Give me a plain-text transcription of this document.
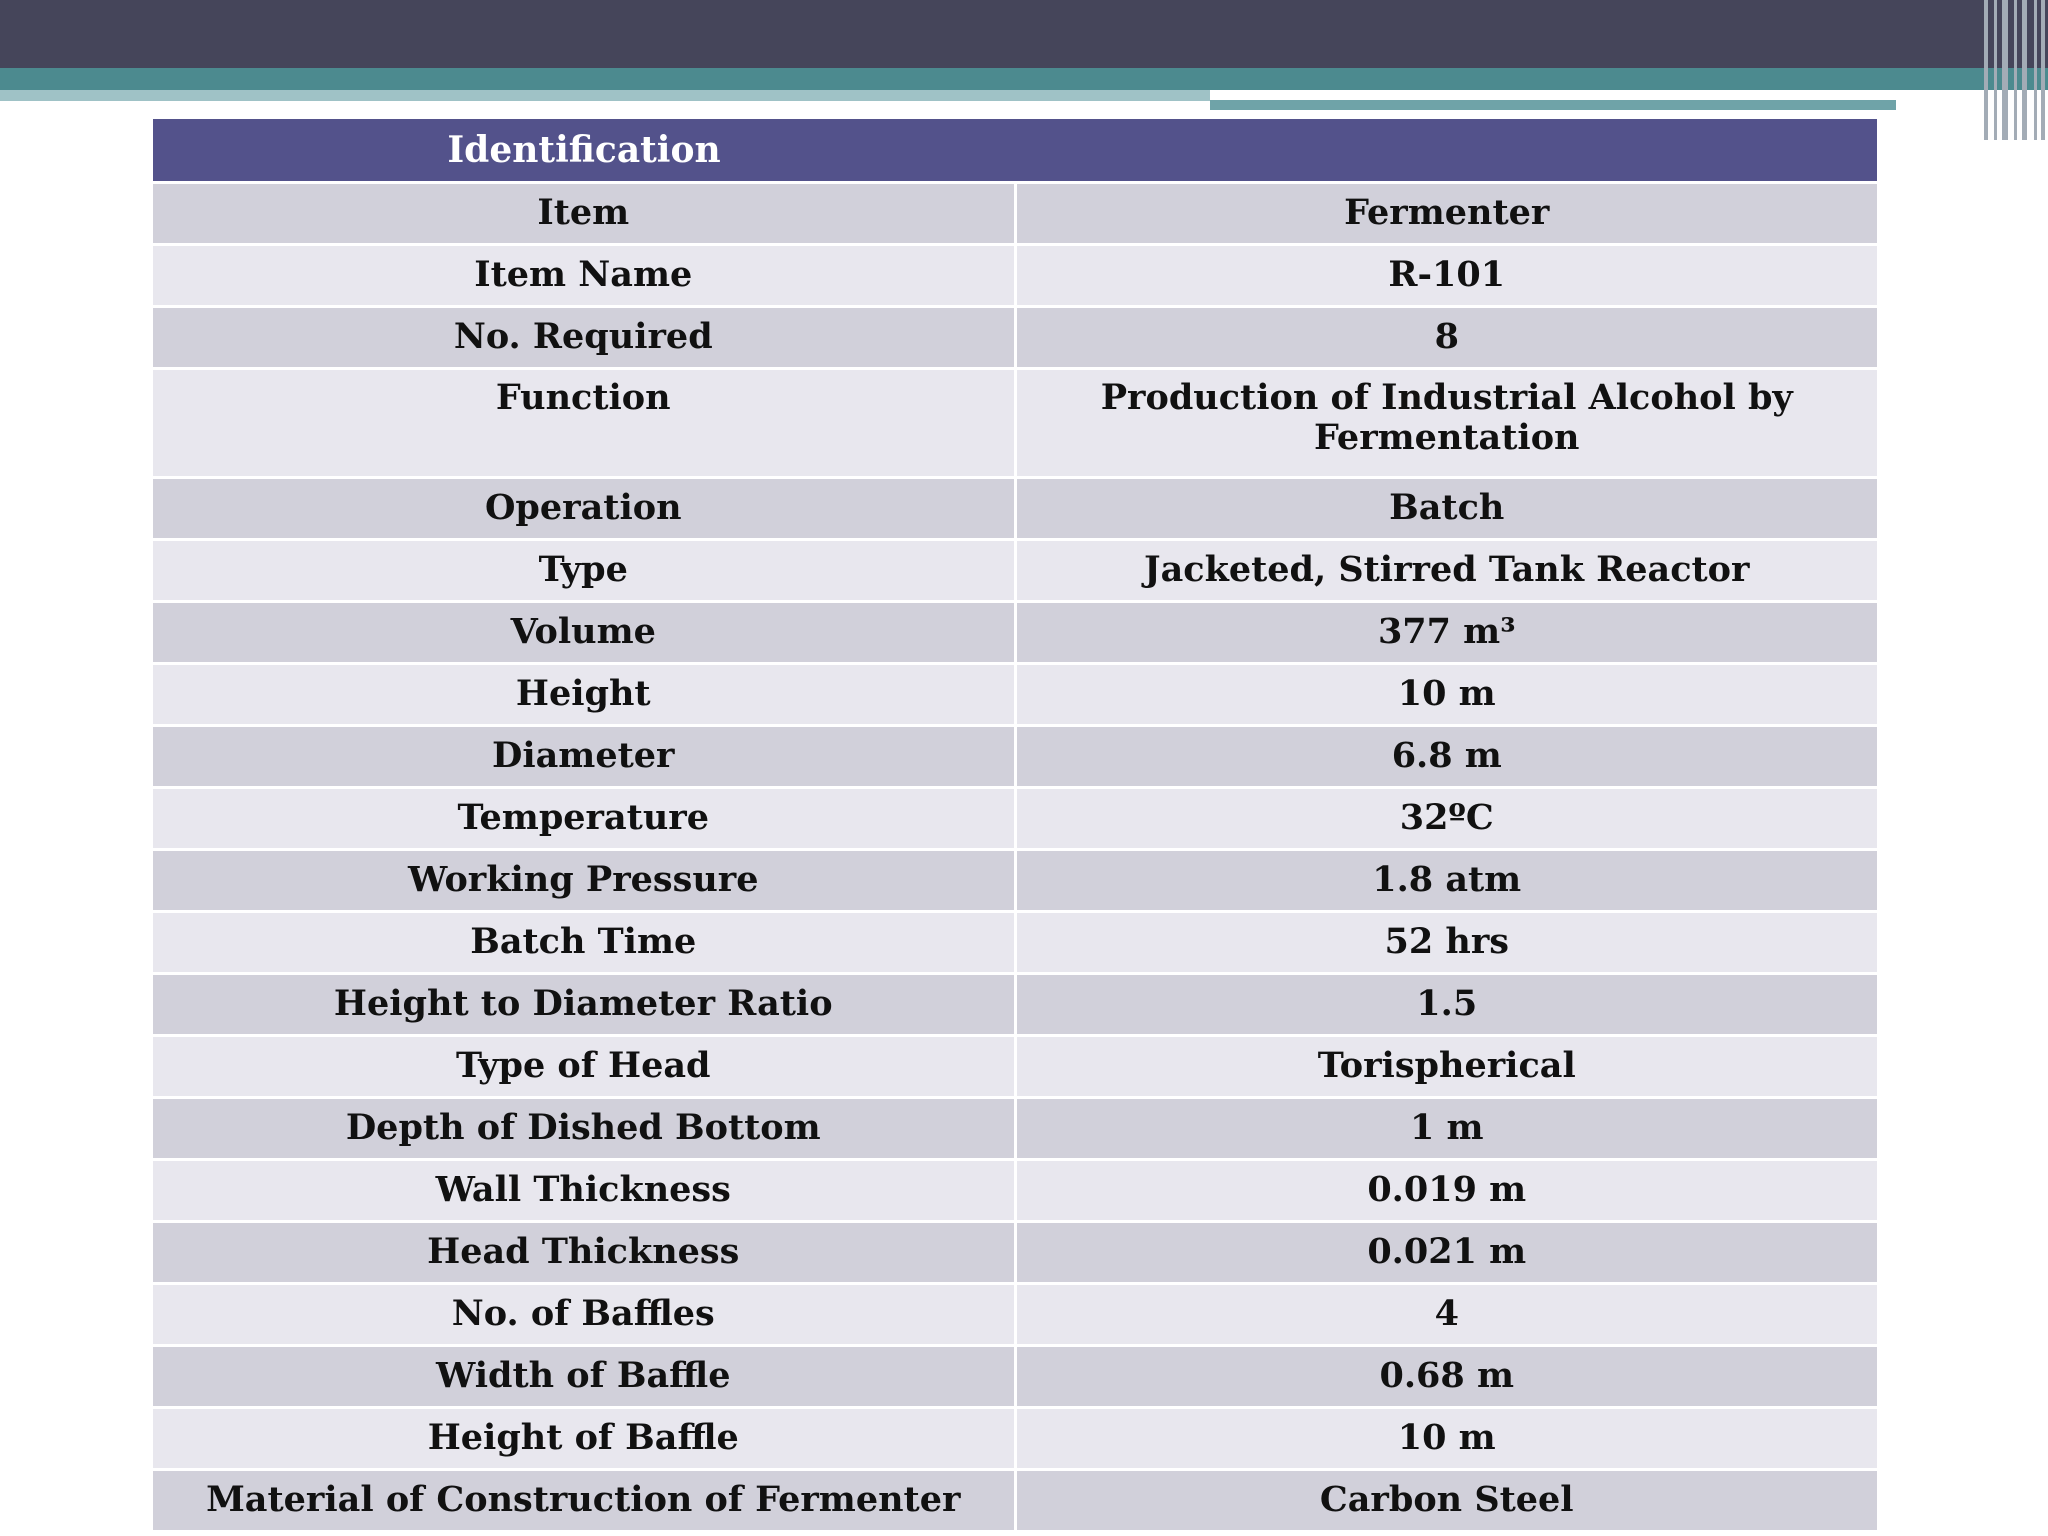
Identification	

Item	Fermenter
Item Name	R-101
No. Required	8
Function	Production of Industrial Alcohol by Fermentation
Operation	Batch
Type	Jacketed, Stirred Tank Reactor
Volume	377 m³
Height	10 m
Diameter	6.8 m
Temperature	32ºC
Working Pressure	1.8 atm
Batch Time	52 hrs
Height to Diameter Ratio	1.5
Type of Head	Torispherical
Depth of Dished Bottom	1 m
Wall Thickness	0.019 m
Head Thickness	0.021 m
No. of Baffles	4
Width of Baffle	0.68 m
Height of Baffle	10 m
Material of Construction of Fermenter	Carbon Steel
